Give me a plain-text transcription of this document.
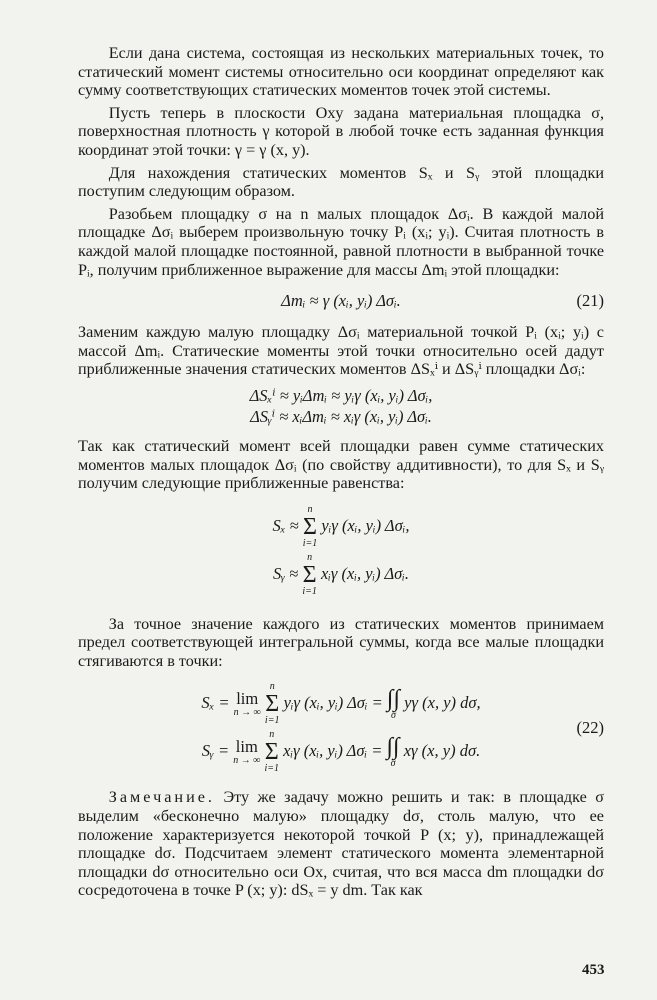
Если дана система, состоящая из нескольких материальных точек, то статический момент системы относительно оси координат определяют как сумму соответствующих статических моментов точек этой системы.

Пусть теперь в плоскости Oxy задана материальная площадка σ, поверхностная плотность γ которой в любой точке есть заданная функция координат этой точки: γ = γ (x, y).

Для нахождения статических моментов Sₓ и Sᵧ этой площадки поступим следующим образом.

Разобьем площадку σ на n малых площадок Δσᵢ. В каждой малой площадке Δσᵢ выберем произвольную точку Pᵢ (xᵢ; yᵢ). Считая плотность в каждой малой площадке постоянной, равной плотности в выбранной точке Pᵢ, получим приближенное выражение для массы Δmᵢ этой площадки:

Δmᵢ ≈ γ (xᵢ, yᵢ) Δσᵢ.	(21)

Заменим каждую малую площадку Δσᵢ материальной точкой Pᵢ (xᵢ; yᵢ) с массой Δmᵢ. Статические моменты этой точки относительно осей дадут приближенные значения статических моментов ΔSₓⁱ и ΔSᵧⁱ площадки Δσᵢ:

ΔSₓⁱ ≈ yᵢΔmᵢ ≈ yᵢγ (xᵢ, yᵢ) Δσᵢ,
ΔSᵧⁱ ≈ xᵢΔmᵢ ≈ xᵢγ (xᵢ, yᵢ) Δσᵢ.

Так как статический момент всей площадки равен сумме статических моментов малых площадок Δσᵢ (по свойству аддитивности), то для Sₓ и Sᵧ получим следующие приближенные равенства:

Sₓ ≈
n
Σ
i=1
yᵢγ (xᵢ, yᵢ) Δσᵢ,
Sᵧ ≈
n
Σ
i=1
xᵢγ (xᵢ, yᵢ) Δσᵢ.

За точное значение каждого из статических моментов принимаем предел соответствующей интегральной суммы, когда все малые площадки стягиваются в точки:

Sₓ = lim
n → ∞

n
Σ
i=1
yᵢγ (xᵢ, yᵢ) Δσᵢ = ∫∫
σ
yγ (x, y) dσ,
(22)
Sᵧ = lim
n → ∞

n
Σ
i=1
xᵢγ (xᵢ, yᵢ) Δσᵢ = ∫∫
σ
xγ (x, y) dσ.

Замечание. Эту же задачу можно решить и так: в площадке σ выделим «бесконечно малую» площадку dσ, столь малую, что ее положение характеризуется некоторой точкой P (x; y), принадлежащей площадке dσ. Подсчитаем элемент статического момента элементарной площадки dσ относительно оси Ox, считая, что вся масса dm площадки dσ сосредоточена в точке P (x; y): dSₓ = y dm. Так как

453
